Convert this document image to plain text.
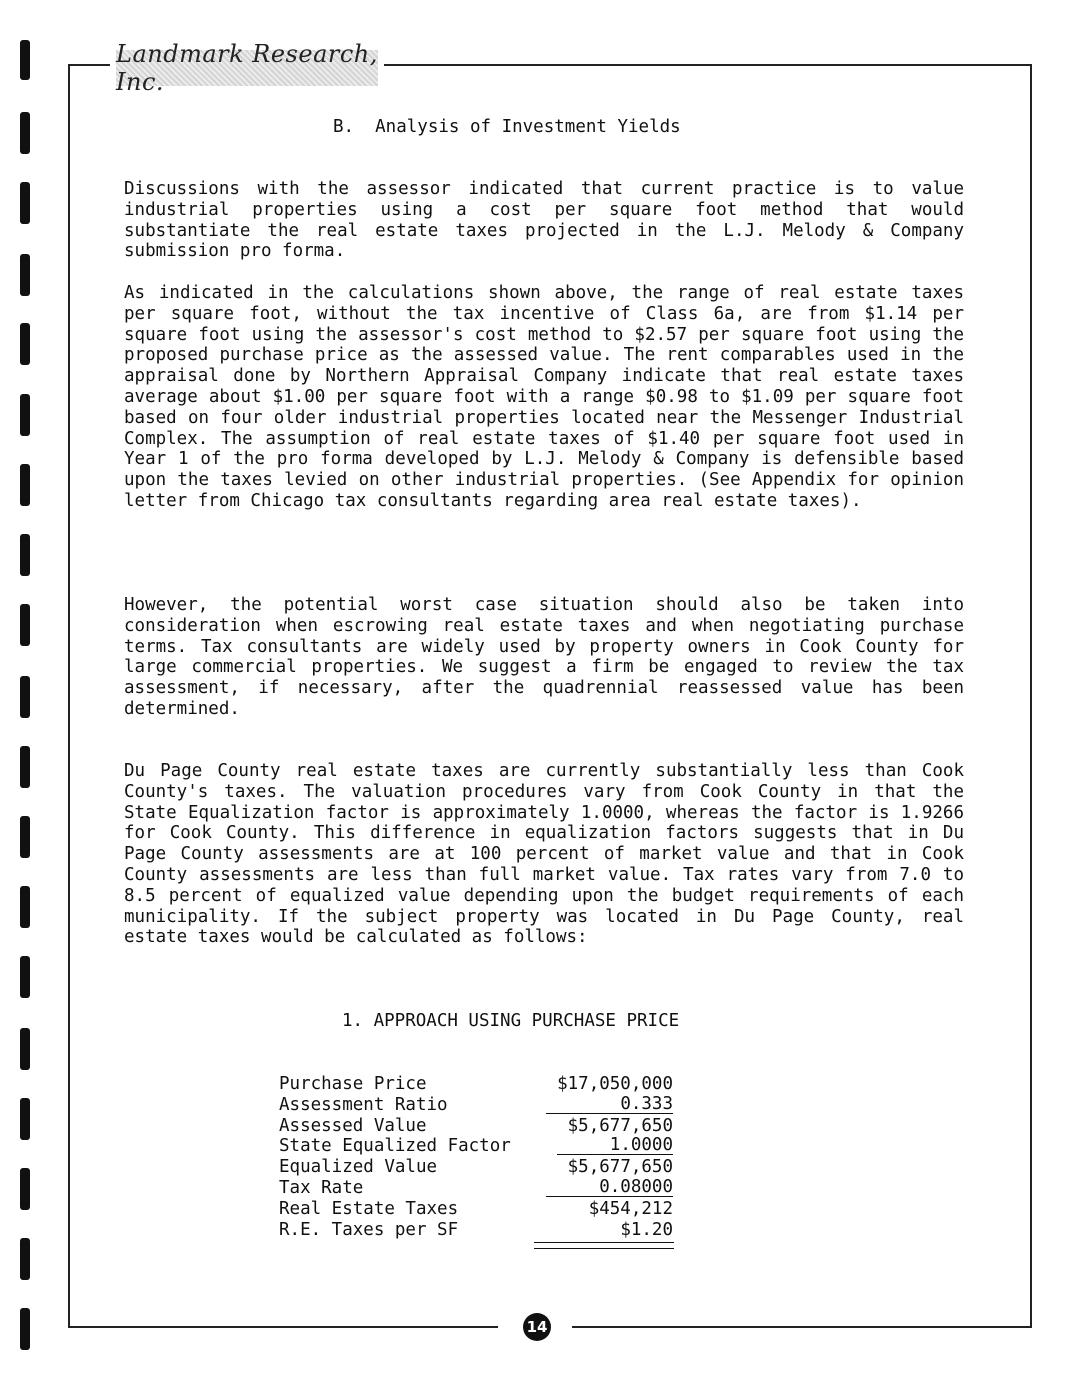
Landmark Research, Inc.
B.  Analysis of Investment Yields
Discussions with the assessor indicated that current practice is to value industrial properties using a cost per square foot method that would substantiate the real estate taxes projected in the L.J. Melody & Company submission pro forma.
As indicated in the calculations shown above, the range of real estate taxes per square foot, without the tax incentive of Class 6a, are from $1.14 per square foot using the assessor's cost method to $2.57 per square foot using the proposed purchase price as the assessed value. The rent comparables used in the appraisal done by Northern Appraisal Company indicate that real estate taxes average about $1.00 per square foot with a range $0.98 to $1.09 per square foot based on four older industrial properties located near the Messenger Industrial Complex. The assumption of real estate taxes of $1.40 per square foot used in Year 1 of the pro forma developed by L.J. Melody & Company is defensible based upon the taxes levied on other industrial properties. (See Appendix for opinion letter from Chicago tax consultants regarding area real estate taxes).
However, the potential worst case situation should also be taken into consideration when escrowing real estate taxes and when negotiating purchase terms. Tax consultants are widely used by property owners in Cook County for large commercial properties. We suggest a firm be engaged to review the tax assessment, if necessary, after the quadrennial reassessed value has been determined.
Du Page County real estate taxes are currently substantially less than Cook County's taxes. The valuation procedures vary from Cook County in that the State Equalization factor is approximately 1.0000, whereas the factor is 1.9266 for Cook County. This difference in equalization factors suggests that in Du Page County assessments are at 100 percent of market value and that in Cook County assessments are less than full market value. Tax rates vary from 7.0 to 8.5 percent of equalized value depending upon the budget requirements of each municipality. If the subject property was located in Du Page County, real estate taxes would be calculated as follows:
1. APPROACH USING PURCHASE PRICE
Purchase Price	$17,050,000
Assessment Ratio	0.333
Assessed Value	$5,677,650
State Equalized Factor	1.0000
Equalized Value	$5,677,650
Tax Rate	0.08000
Real Estate Taxes	$454,212
R.E. Taxes per SF	$1.20
14
